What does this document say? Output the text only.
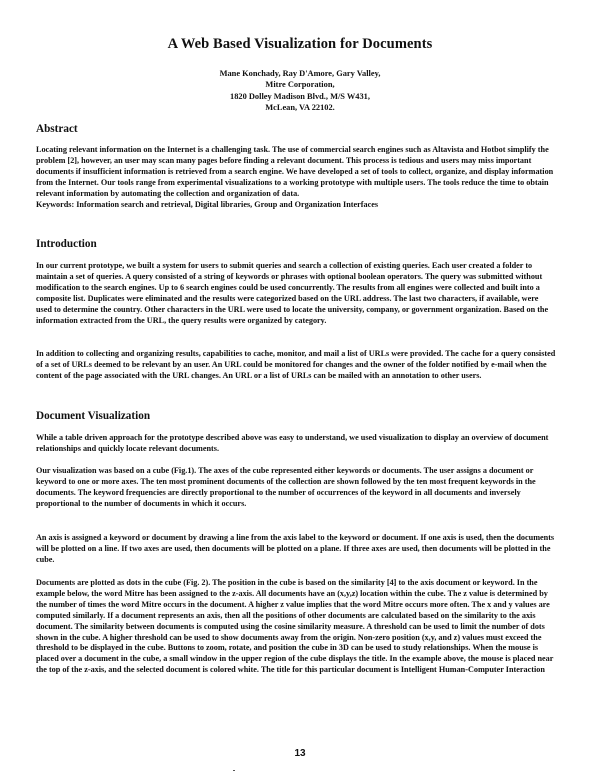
A Web Based Visualization for Documents
Mane Konchady, Ray D'Amore, Gary Valley,
Mitre Corporation,
1820 Dolley Madison Blvd., M/S W431,
McLean, VA 22102.
Abstract
Locating relevant information on the Internet is a challenging task. The use of commercial search engines such as Altavista and Hotbot simplify the problem [2], however, an user may scan many pages before finding a relevant document. This process is tedious and users may miss important documents if insufficient information is retrieved from a search engine. We have developed a set of tools to collect, organize, and display information from the Internet. Our tools range from experimental visualizations to a working prototype with multiple users. The tools reduce the time to obtain relevant information by automating the collection and organization of data.
Keywords: Information search and retrieval, Digital libraries, Group and Organization Interfaces
Introduction
In our current prototype, we built a system for users to submit queries and search a collection of existing queries. Each user created a folder to maintain a set of queries. A query consisted of a string of keywords or phrases with optional boolean operators. The query was submitted without modification to the search engines. Up to 6 search engines could be used concurrently. The results from all engines were collected and built into a composite list. Duplicates were eliminated and the results were categorized based on the URL address. The last two characters, if available, were used to determine the country. Other characters in the URL were used to locate the university, company, or government organization. Based on the information extracted from the URL, the query results were organized by category.
In addition to collecting and organizing results, capabilities to cache, monitor, and mail a list of URLs were provided. The cache for a query consisted of a set of URLs deemed to be relevant by an user. An URL could be monitored for changes and the owner of the folder notified by e-mail when the content of the page associated with the URL changes. An URL or a list of URLs can be mailed with an annotation to other users.
Document Visualization
While a table driven approach for the prototype described above was easy to understand, we used visualization to display an overview of document relationships and quickly locate relevant documents.
Our visualization was based on a cube (Fig.1). The axes of the cube represented either keywords or documents. The user assigns a document or keyword to one or more axes. The ten most prominent documents of the collection are shown followed by the ten most frequent keywords in the documents. The keyword frequencies are directly proportional to the number of occurrences of the keyword in all documents and inversely proportional to the number of documents in which it occurs.
An axis is assigned a keyword or document by drawing a line from the axis label to the keyword or document. If one axis is used, then the documents will be plotted on a line. If two axes are used, then documents will be plotted on a plane. If three axes are used, then documents will be plotted in the cube.
Documents are plotted as dots in the cube (Fig. 2). The position in the cube is based on the similarity [4] to the axis document or keyword. In the example below, the word Mitre has been assigned to the z-axis. All documents have an (x,y,z) location within the cube. The z value is determined by the number of times the word Mitre occurs in the document. A higher z value implies that the word Mitre occurs more often. The x and y values are computed similarly. If a document represents an axis, then all the positions of other documents are calculated based on the similarity to the axis document. The similarity between documents is computed using the cosine similarity measure. A threshold can be used to limit the number of dots shown in the cube. A higher threshold can be used to show documents away from the origin. Non-zero position (x,y, and z) values must exceed the threshold to be displayed in the cube. Buttons to zoom, rotate, and position the cube in 3D can be used to study relationships. When the mouse is placed over a document in the cube, a small window in the upper region of the cube displays the title. In the example above, the mouse is placed near the top of the z-axis, and the selected document is colored white. The title for this particular document is Intelligent Human-Computer Interaction
13
